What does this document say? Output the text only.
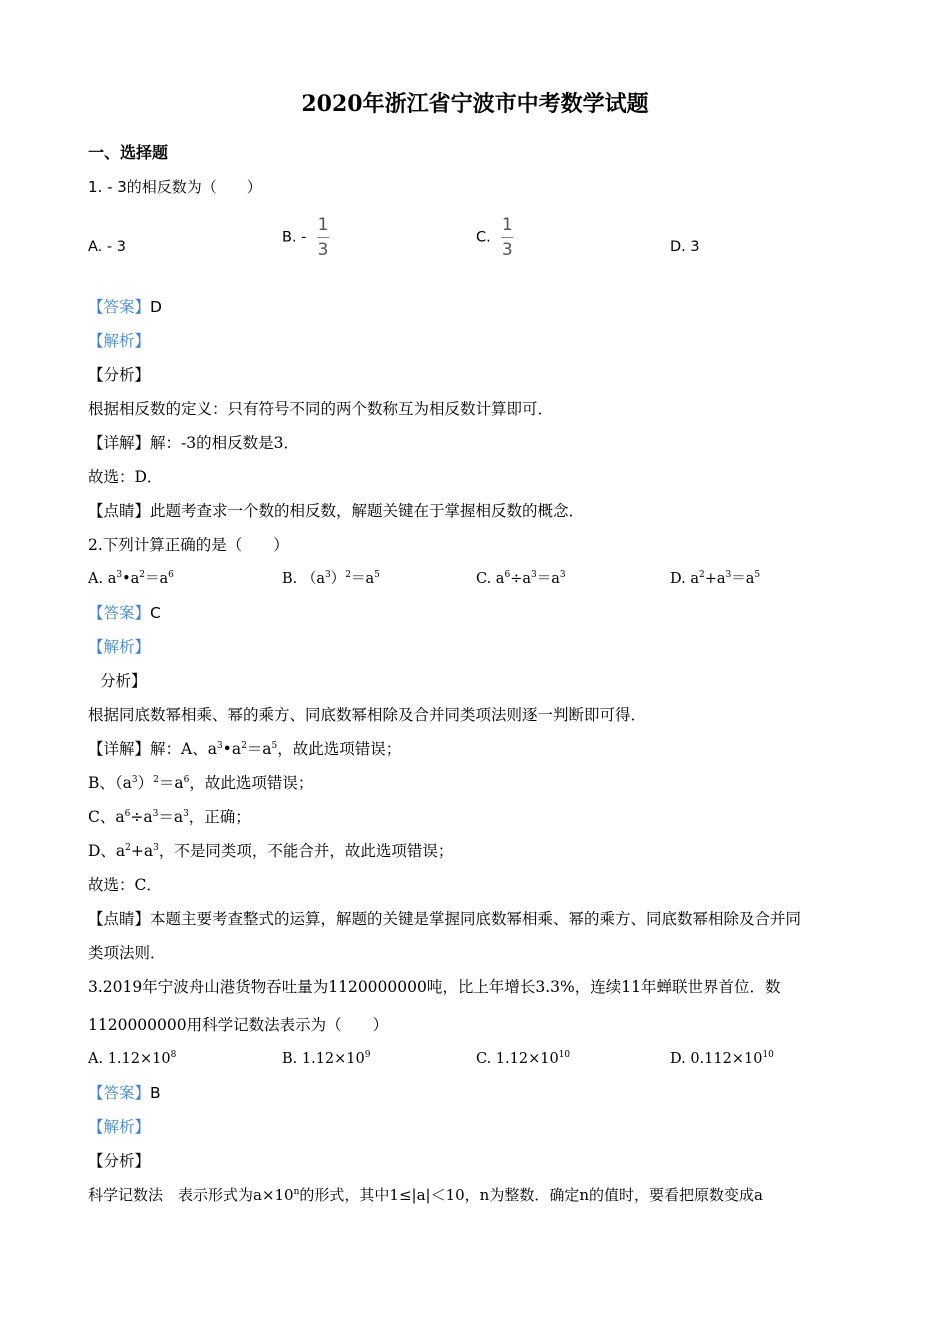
2020年浙江省宁波市中考数学试题
一、选择题
1. ‐ 3的相反数为（　　）
A. ‐ 3
B. ‐ $\frac{1}{3}$	C. $\frac{1}{3}$	D. 3
【答案】D
【解析】
【分析】
根据相反数的定义：只有符号不同的两个数称互为相反数计算即可．
【详解】解：‐3的相反数是3．
故选：D．
【点睛】此题考查求一个数的相反数，解题关键在于掌握相反数的概念．
2.下列计算正确的是（　　）
A. $a^3•a^2=a^6$	B. $(a^3)^2=a^5$	C. $a^6\div a^3=a^3$	D. $a^2+a^3=a^5$
【答案】C
【解析】
分析】
根据同底数幂相乘、幂的乘方、同底数幂相除及合并同类项法则逐一判断即可得．
【详解】解：A、$a^3•a^2=a^5$，故此选项错误；
B、$(a^3)^2=a^6$，故此选项错误；
C、$a^6\div a^3=a^3$，正确；
D、$a^2+a^3$，不是同类项，不能合并，故此选项错误；
故选：C．
【点睛】本题主要考查整式的运算，解题的关键是掌握同底数幂相乘、幂的乘方、同底数幂相除及合并同
类项法则．
3.2019年宁波舟山港货物吞吐量为1120000000吨，比上年增长3.3%，连续11年蝉联世界首位．数
1120000000用科学记数法表示为（　　）
A. $1.12\times 10^8$	B. $1.12\times 10^9$	C. $1.12\times 10^{10}$	D. $0.112\times 10^{10}$
【答案】B
【解析】
【分析】
科学记数法　表示形式为$a\times 10^n$的形式，其中1≤|a|＜10，n为整数．确定n的值时，要看把原数变成a
